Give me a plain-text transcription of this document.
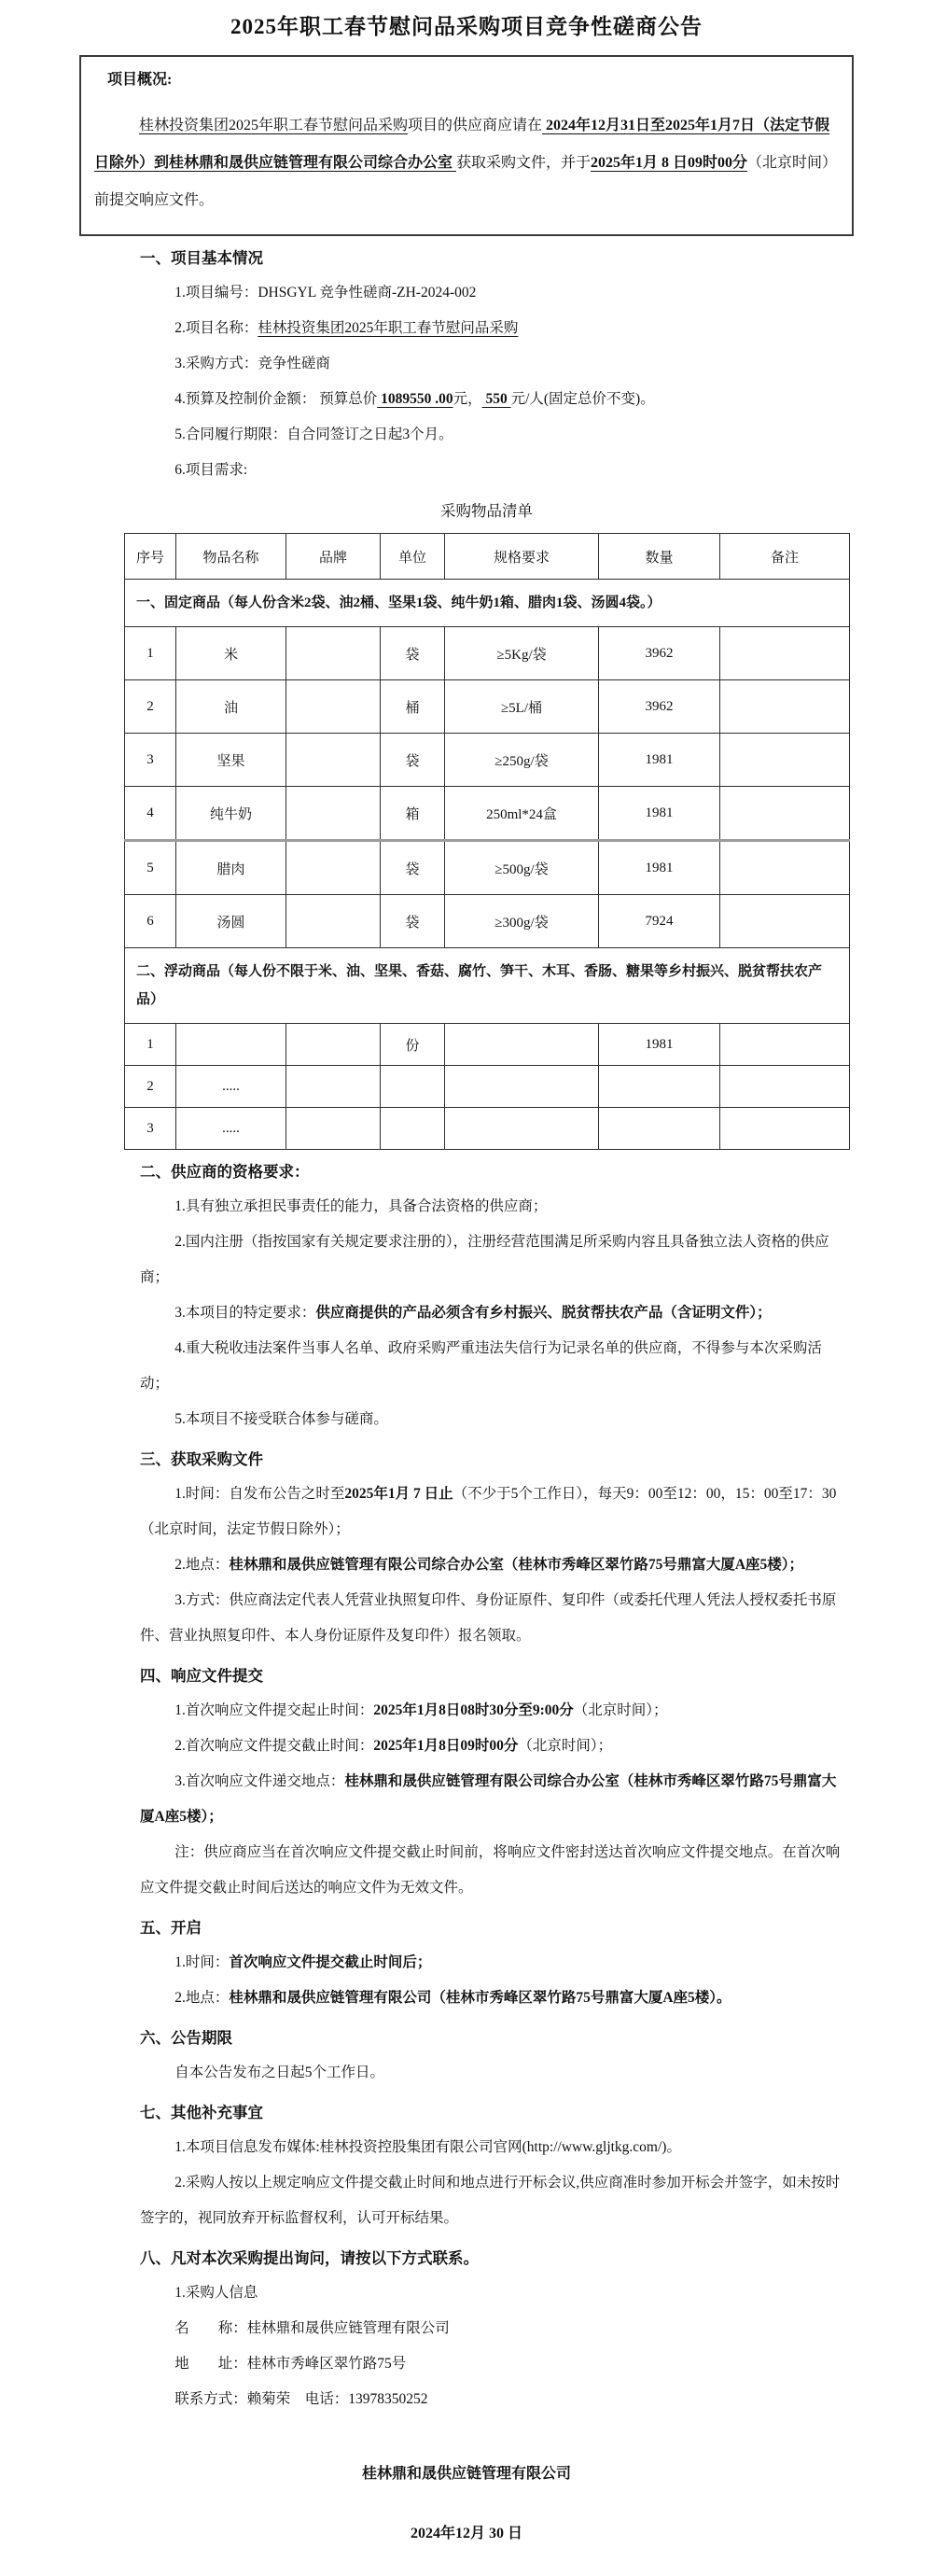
2025年职工春节慰问品采购项目竞争性磋商公告
项目概况:

桂林投资集团2025年职工春节慰问品采购项目的供应商应请在 2024年12月31日至2025年1月7日（法定节假日除外）到桂林鼎和晟供应链管理有限公司综合办公室 获取采购文件，并于2025年1月 8 日09时00分（北京时间）前提交响应文件。

一、项目基本情况

1.项目编号：DHSGYL 竞争性磋商-ZH-2024-002

2.项目名称：桂林投资集团2025年职工春节慰问品采购

3.采购方式：竞争性磋商

4.预算及控制价金额： 预算总价 1089550 .00元， 550 元/人(固定总价不变)。

5.合同履行期限：自合同签订之日起3个月。

6.项目需求:

采购物品清单
序号	物品名称	品牌	单位	规格要求	数量	备注
一、固定商品（每人份含米2袋、油2桶、坚果1袋、纯牛奶1箱、腊肉1袋、汤圆4袋。）						
1	米		袋	≥5Kg/袋	3962	
2	油		桶	≥5L/桶	3962	
3	坚果		袋	≥250g/袋	1981	
4	纯牛奶		箱	250ml*24盒	1981	
5	腊肉		袋	≥500g/袋	1981	
6	汤圆		袋	≥300g/袋	7924	
二、浮动商品（每人份不限于米、油、坚果、香菇、腐竹、笋干、木耳、香肠、糖果等乡村振兴、脱贫帮扶农产品）						
1			份		1981	
2	.....					
3	.....					
二、供应商的资格要求：

1.具有独立承担民事责任的能力，具备合法资格的供应商；

2.国内注册（指按国家有关规定要求注册的），注册经营范围满足所采购内容且具备独立法人资格的供应商；

3.本项目的特定要求：供应商提供的产品必须含有乡村振兴、脱贫帮扶农产品（含证明文件）；

4.重大税收违法案件当事人名单、政府采购严重违法失信行为记录名单的供应商，不得参与本次采购活动；

5.本项目不接受联合体参与磋商。

三、获取采购文件

1.时间：自发布公告之时至2025年1月 7 日止（不少于5个工作日），每天9：00至12：00，15：00至17：30（北京时间，法定节假日除外）；

2.地点：桂林鼎和晟供应链管理有限公司综合办公室（桂林市秀峰区翠竹路75号鼎富大厦A座5楼）；

3.方式：供应商法定代表人凭营业执照复印件、身份证原件、复印件（或委托代理人凭法人授权委托书原件、营业执照复印件、本人身份证原件及复印件）报名领取。

四、响应文件提交

1.首次响应文件提交起止时间：2025年1月8日08时30分至9:00分（北京时间）；

2.首次响应文件提交截止时间：2025年1月8日09时00分（北京时间）；

3.首次响应文件递交地点：桂林鼎和晟供应链管理有限公司综合办公室（桂林市秀峰区翠竹路75号鼎富大厦A座5楼）；

注：供应商应当在首次响应文件提交截止时间前，将响应文件密封送达首次响应文件提交地点。在首次响应文件提交截止时间后送达的响应文件为无效文件。

五、开启

1.时间：首次响应文件提交截止时间后；

2.地点：桂林鼎和晟供应链管理有限公司（桂林市秀峰区翠竹路75号鼎富大厦A座5楼）。

六、公告期限

自本公告发布之日起5个工作日。

七、其他补充事宜

1.本项目信息发布媒体:桂林投资控股集团有限公司官网(http://www.gljtkg.com/)。

2.采购人按以上规定响应文件提交截止时间和地点进行开标会议,供应商准时参加开标会并签字，如未按时签字的，视同放弃开标监督权利，认可开标结果。

八、凡对本次采购提出询问，请按以下方式联系。

1.采购人信息

名　　称：桂林鼎和晟供应链管理有限公司

地　　址：桂林市秀峰区翠竹路75号

联系方式：赖菊荣　电话：13978350252

桂林鼎和晟供应链管理有限公司
2024年12月 30 日
